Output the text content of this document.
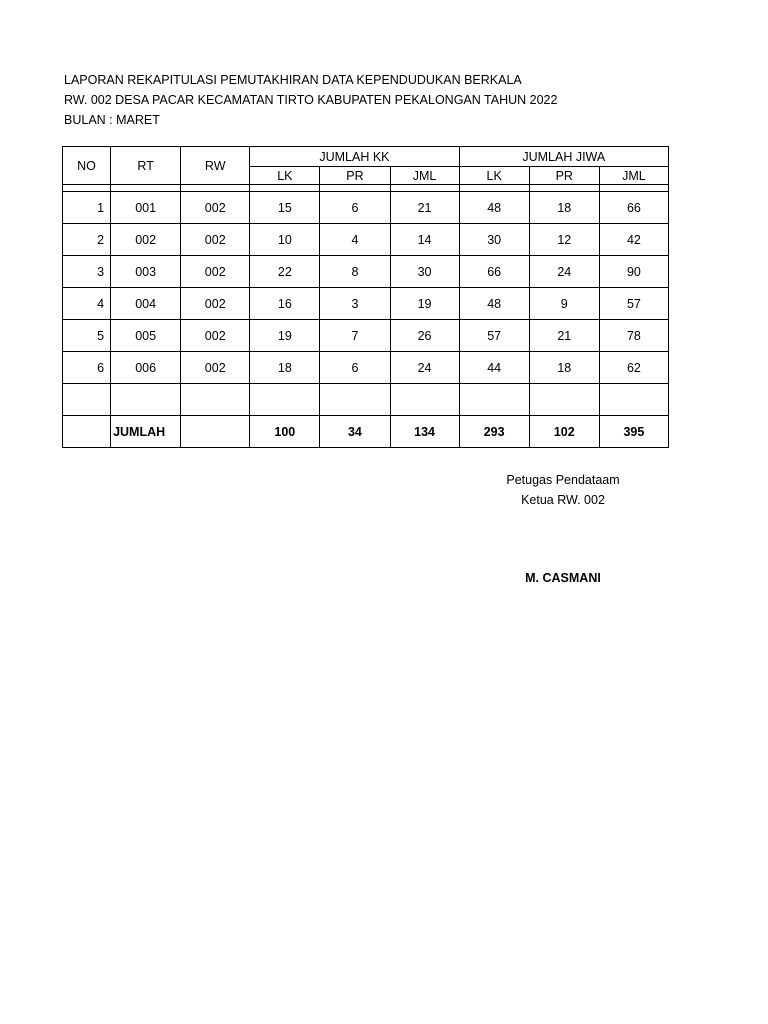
LAPORAN REKAPITULASI PEMUTAKHIRAN DATA KEPENDUDUKAN BERKALA
RW. 002 DESA PACAR KECAMATAN TIRTO KABUPATEN PEKALONGAN TAHUN 2022
BULAN : MARET
NO	RT	RW	JUMLAH KK			JUMLAH JIWA		
			LK	PR	JML	LK	PR	JML

1	001	002	15	6	21	48	18	66
2	002	002	10	4	14	30	12	42
3	003	002	22	8	30	66	24	90
4	004	002	16	3	19	48	9	57
5	005	002	19	7	26	57	21	78
6	006	002	18	6	24	44	18	62

	JUMLAH		100	34	134	293	102	395
Petugas Pendataam
Ketua RW. 002
M. CASMANI
